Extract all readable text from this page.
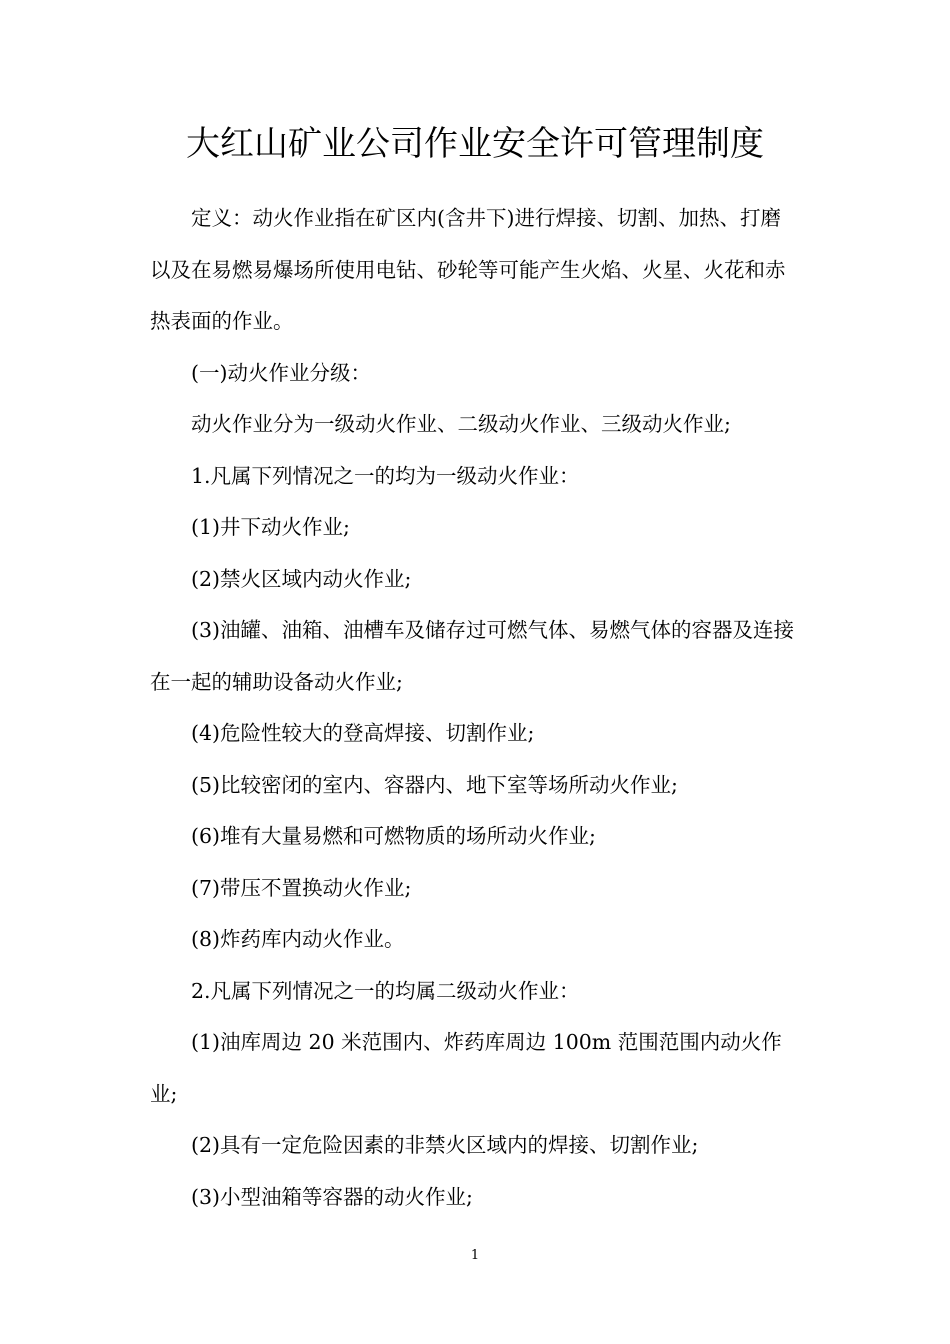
大红山矿业公司作业安全许可管理制度

定义：动火作业指在矿区内(含井下)进行焊接、切割、加热、打磨以及在易燃易爆场所使用电钻、砂轮等可能产生火焰、火星、火花和赤热表面的作业。

(一)动火作业分级：

动火作业分为一级动火作业、二级动火作业、三级动火作业;

1.凡属下列情况之一的均为一级动火作业：

(1)井下动火作业;

(2)禁火区域内动火作业;

(3)油罐、油箱、油槽车及储存过可燃气体、易燃气体的容器及连接在一起的辅助设备动火作业;

(4)危险性较大的登高焊接、切割作业;

(5)比较密闭的室内、容器内、地下室等场所动火作业;

(6)堆有大量易燃和可燃物质的场所动火作业;

(7)带压不置换动火作业;

(8)炸药库内动火作业。

2.凡属下列情况之一的均属二级动火作业：

(1)油库周边 20 米范围内、炸药库周边 100m 范围范围内动火作业;

(2)具有一定危险因素的非禁火区域内的焊接、切割作业;

(3)小型油箱等容器的动火作业;

1
